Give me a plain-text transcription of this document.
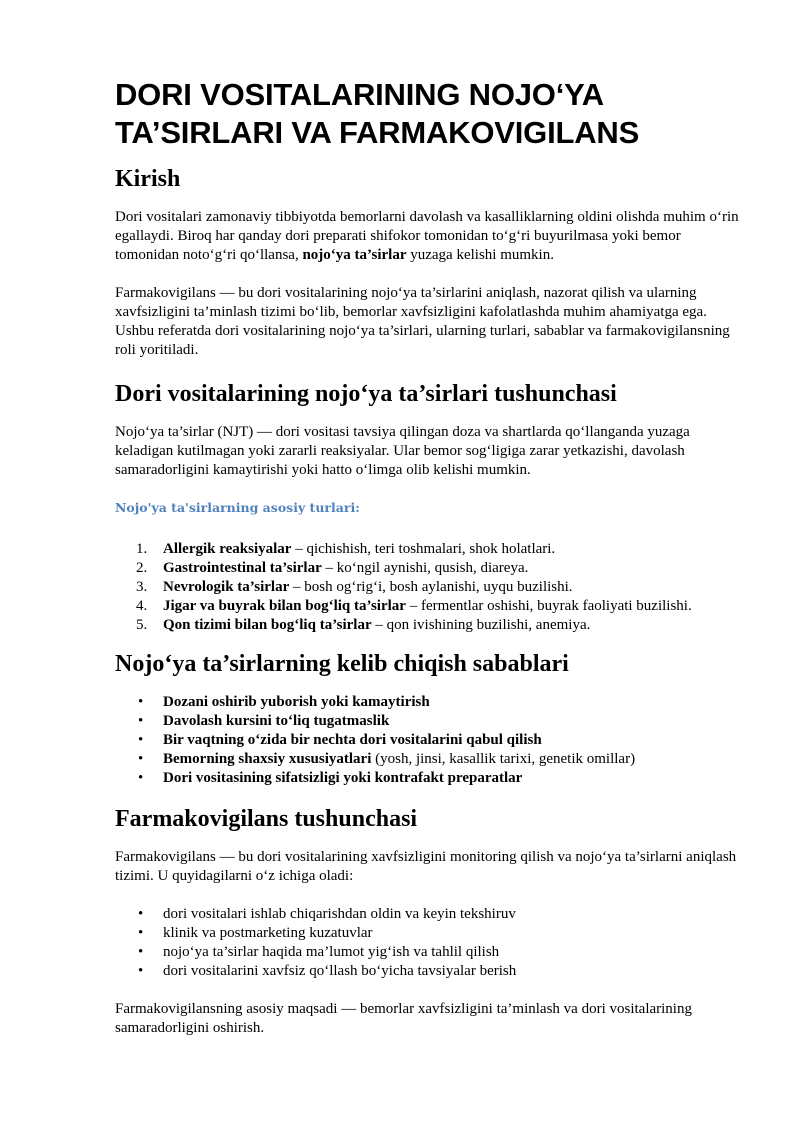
DORI VOSITALARINING NOJO‘YA
TA’SIRLARI VA FARMAKOVIGILANS
Kirish

Dori vositalari zamonaviy tibbiyotda bemorlarni davolash va kasalliklarning oldini olishda muhim o‘rin egallaydi. Biroq har qanday dori preparati shifokor tomonidan to‘g‘ri buyurilmasa yoki bemor tomonidan noto‘g‘ri qo‘llansa, nojo‘ya ta’sirlar yuzaga kelishi mumkin.

Farmakovigilans — bu dori vositalarining nojo‘ya ta’sirlarini aniqlash, nazorat qilish va ularning xavfsizligini ta’minlash tizimi bo‘lib, bemorlar xavfsizligini kafolatlashda muhim ahamiyatga ega. Ushbu referatda dori vositalarining nojo‘ya ta’sirlari, ularning turlari, sabablar va farmakovigilansning roli yoritiladi.

Dori vositalarining nojo‘ya ta’sirlari tushunchasi

Nojo‘ya ta’sirlar (NJT) — dori vositasi tavsiya qilingan doza va shartlarda qo‘llanganda yuzaga keladigan kutilmagan yoki zararli reaksiyalar. Ular bemor sog‘ligiga zarar yetkazishi, davolash samaradorligini kamaytirishi yoki hatto o‘limga olib kelishi mumkin.

Nojo'ya ta'sirlarning asosiy turlari:
1. Allergik reaksiyalar – qichishish, teri toshmalari, shok holatlari.
2. Gastrointestinal ta’sirlar – ko‘ngil aynishi, qusish, diareya.
3. Nevrologik ta’sirlar – bosh og‘rig‘i, bosh aylanishi, uyqu buzilishi.
4. Jigar va buyrak bilan bog‘liq ta’sirlar – fermentlar oshishi, buyrak faoliyati buzilishi.
5. Qon tizimi bilan bog‘liq ta’sirlar – qon ivishining buzilishi, anemiya.
Nojo‘ya ta’sirlarning kelib chiqish sabablari
• Dozani oshirib yuborish yoki kamaytirish
• Davolash kursini to‘liq tugatmaslik
• Bir vaqtning o‘zida bir nechta dori vositalarini qabul qilish
• Bemorning shaxsiy xususiyatlari (yosh, jinsi, kasallik tarixi, genetik omillar)
• Dori vositasining sifatsizligi yoki kontrafakt preparatlar
Farmakovigilans tushunchasi

Farmakovigilans — bu dori vositalarining xavfsizligini monitoring qilish va nojo‘ya ta’sirlarni aniqlash tizimi. U quyidagilarni o‘z ichiga oladi:

• dori vositalari ishlab chiqarishdan oldin va keyin tekshiruv
• klinik va postmarketing kuzatuvlar
• nojo‘ya ta’sirlar haqida ma’lumot yig‘ish va tahlil qilish
• dori vositalarini xavfsiz qo‘llash bo‘yicha tavsiyalar berish

Farmakovigilansning asosiy maqsadi — bemorlar xavfsizligini ta’minlash va dori vositalarining samaradorligini oshirish.
